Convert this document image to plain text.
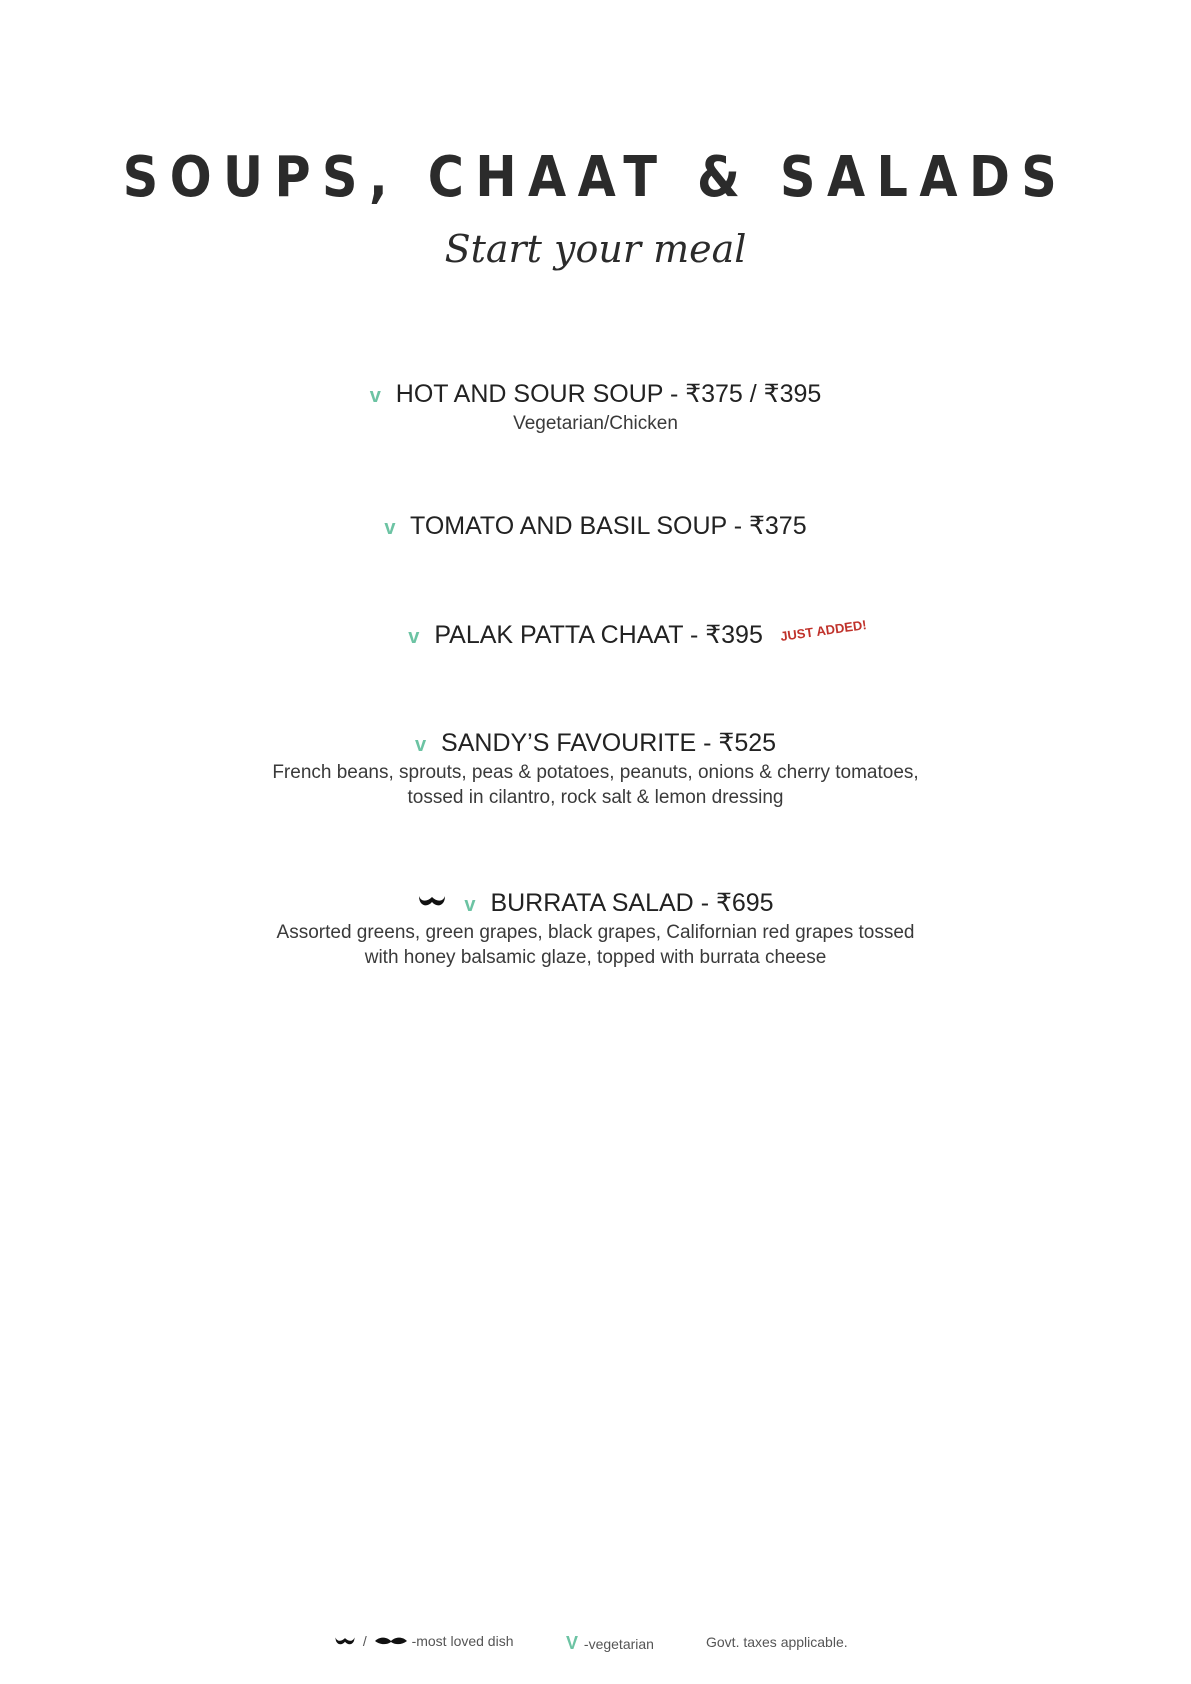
SOUPS, CHAAT & SALADS
Start your meal
v HOT AND SOUR SOUP - ₹375 / ₹395
Vegetarian/Chicken
v TOMATO AND BASIL SOUP - ₹375
v PALAK PATTA CHAAT - ₹395 JUST ADDED!
v SANDY’S FAVOURITE - ₹525
French beans, sprouts, peas & potatoes, peanuts, onions & cherry tomatoes,
tossed in cilantro, rock salt & lemon dressing
v BURRATA SALAD - ₹695
Assorted greens, green grapes, black grapes, Californian red grapes tossed
with honey balsamic glaze, topped with burrata cheese
/	-most loved dish	V -vegetarian	Govt. taxes applicable.
